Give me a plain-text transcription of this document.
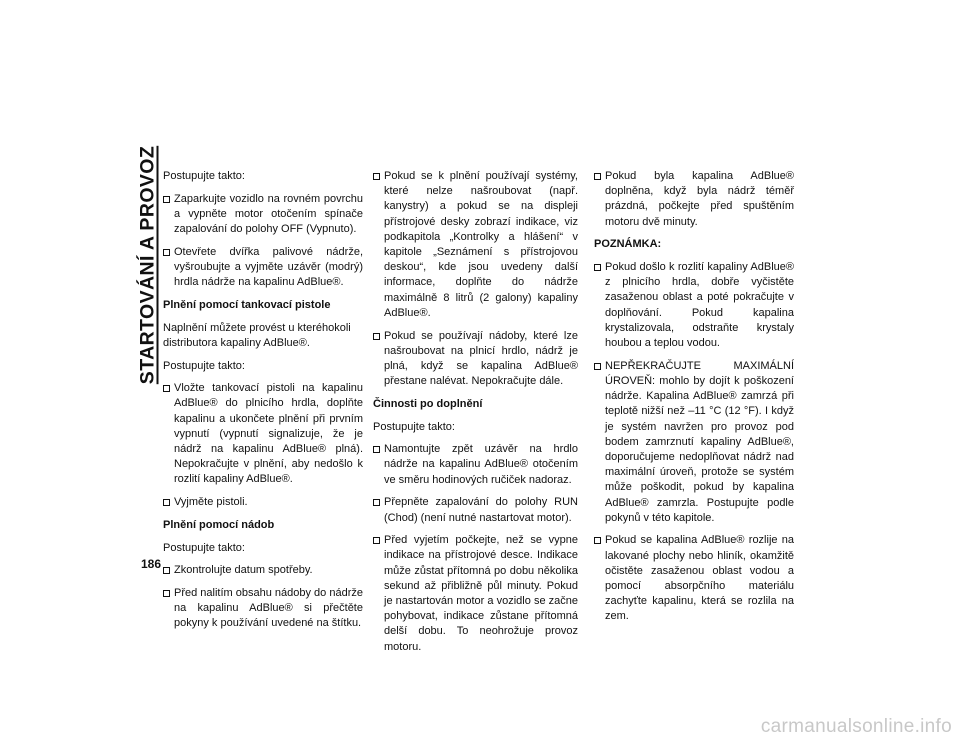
STARTOVÁNÍ A PROVOZ
186
Postupujte takto:
Zaparkujte vozidlo na rovném povrchu a vypněte motor otočením spínače zapalování do polohy OFF (Vypnuto).
Otevřete dvířka palivové nádrže, vyšroubujte a vyjměte uzávěr (modrý) hrdla nádrže na kapalinu AdBlue®.
Plnění pomocí tankovací pistole
Naplnění můžete provést u kteréhokoli distributora kapaliny AdBlue®.
Postupujte takto:
Vložte tankovací pistoli na kapalinu AdBlue® do plnicího hrdla, doplňte kapalinu a ukončete plnění při prvním vypnutí (vypnutí signalizuje, že je nádrž na kapalinu AdBlue® plná). Nepokračujte v plnění, aby nedošlo k rozlití kapaliny AdBlue®.
Vyjměte pistoli.
Plnění pomocí nádob
Postupujte takto:
Zkontrolujte datum spotřeby.
Před nalitím obsahu nádoby do nádrže na kapalinu AdBlue® si přečtěte pokyny k používání uvedené na štítku.
Pokud se k plnění používají systémy, které nelze našroubovat (např. kanystry) a pokud se na displeji přístrojové desky zobrazí indikace, viz podkapitola „Kontrolky a hlášení“ v kapitole „Seznámení s přístrojovou deskou“, kde jsou uvedeny další informace, doplňte do nádrže maximálně 8 litrů (2 galony) kapaliny AdBlue®.
Pokud se používají nádoby, které lze našroubovat na plnicí hrdlo, nádrž je plná, když se kapalina AdBlue® přestane nalévat. Nepokračujte dále.
Činnosti po doplnění
Postupujte takto:
Namontujte zpět uzávěr na hrdlo nádrže na kapalinu AdBlue® otočením ve směru hodinových ručiček nadoraz.
Přepněte zapalování do polohy RUN (Chod) (není nutné nastartovat motor).
Před vyjetím počkejte, než se vypne indikace na přístrojové desce. Indikace může zůstat přítomná po dobu několika sekund až přibližně půl minuty. Pokud je nastartován motor a vozidlo se začne pohybovat, indikace zůstane přítomná delší dobu. To neohrožuje provoz motoru.
Pokud byla kapalina AdBlue® doplněna, když byla nádrž téměř prázdná, počkejte před spuštěním motoru dvě minuty.
POZNÁMKA:
Pokud došlo k rozlití kapaliny AdBlue® z plnicího hrdla, dobře vyčistěte zasaženou oblast a poté pokračujte v doplňování. Pokud kapalina krystalizovala, odstraňte krystaly houbou a teplou vodou.
NEPŘEKRAČUJTE MAXIMÁLNÍ ÚROVEŇ: mohlo by dojít k poškození nádrže. Kapalina AdBlue® zamrzá při teplotě nižší než –11 °C (12 °F). I když je systém navržen pro provoz pod bodem zamrznutí kapaliny AdBlue®, doporučujeme nedoplňovat nádrž nad maximální úroveň, protože se systém může poškodit, pokud by kapalina AdBlue® zamrzla. Postupujte podle pokynů v této kapitole.
Pokud se kapalina AdBlue® rozlije na lakované plochy nebo hliník, okamžitě očistěte zasaženou oblast vodou a pomocí absorpčního materiálu zachyťte kapalinu, která se rozlila na zem.
carmanualsonline.info
